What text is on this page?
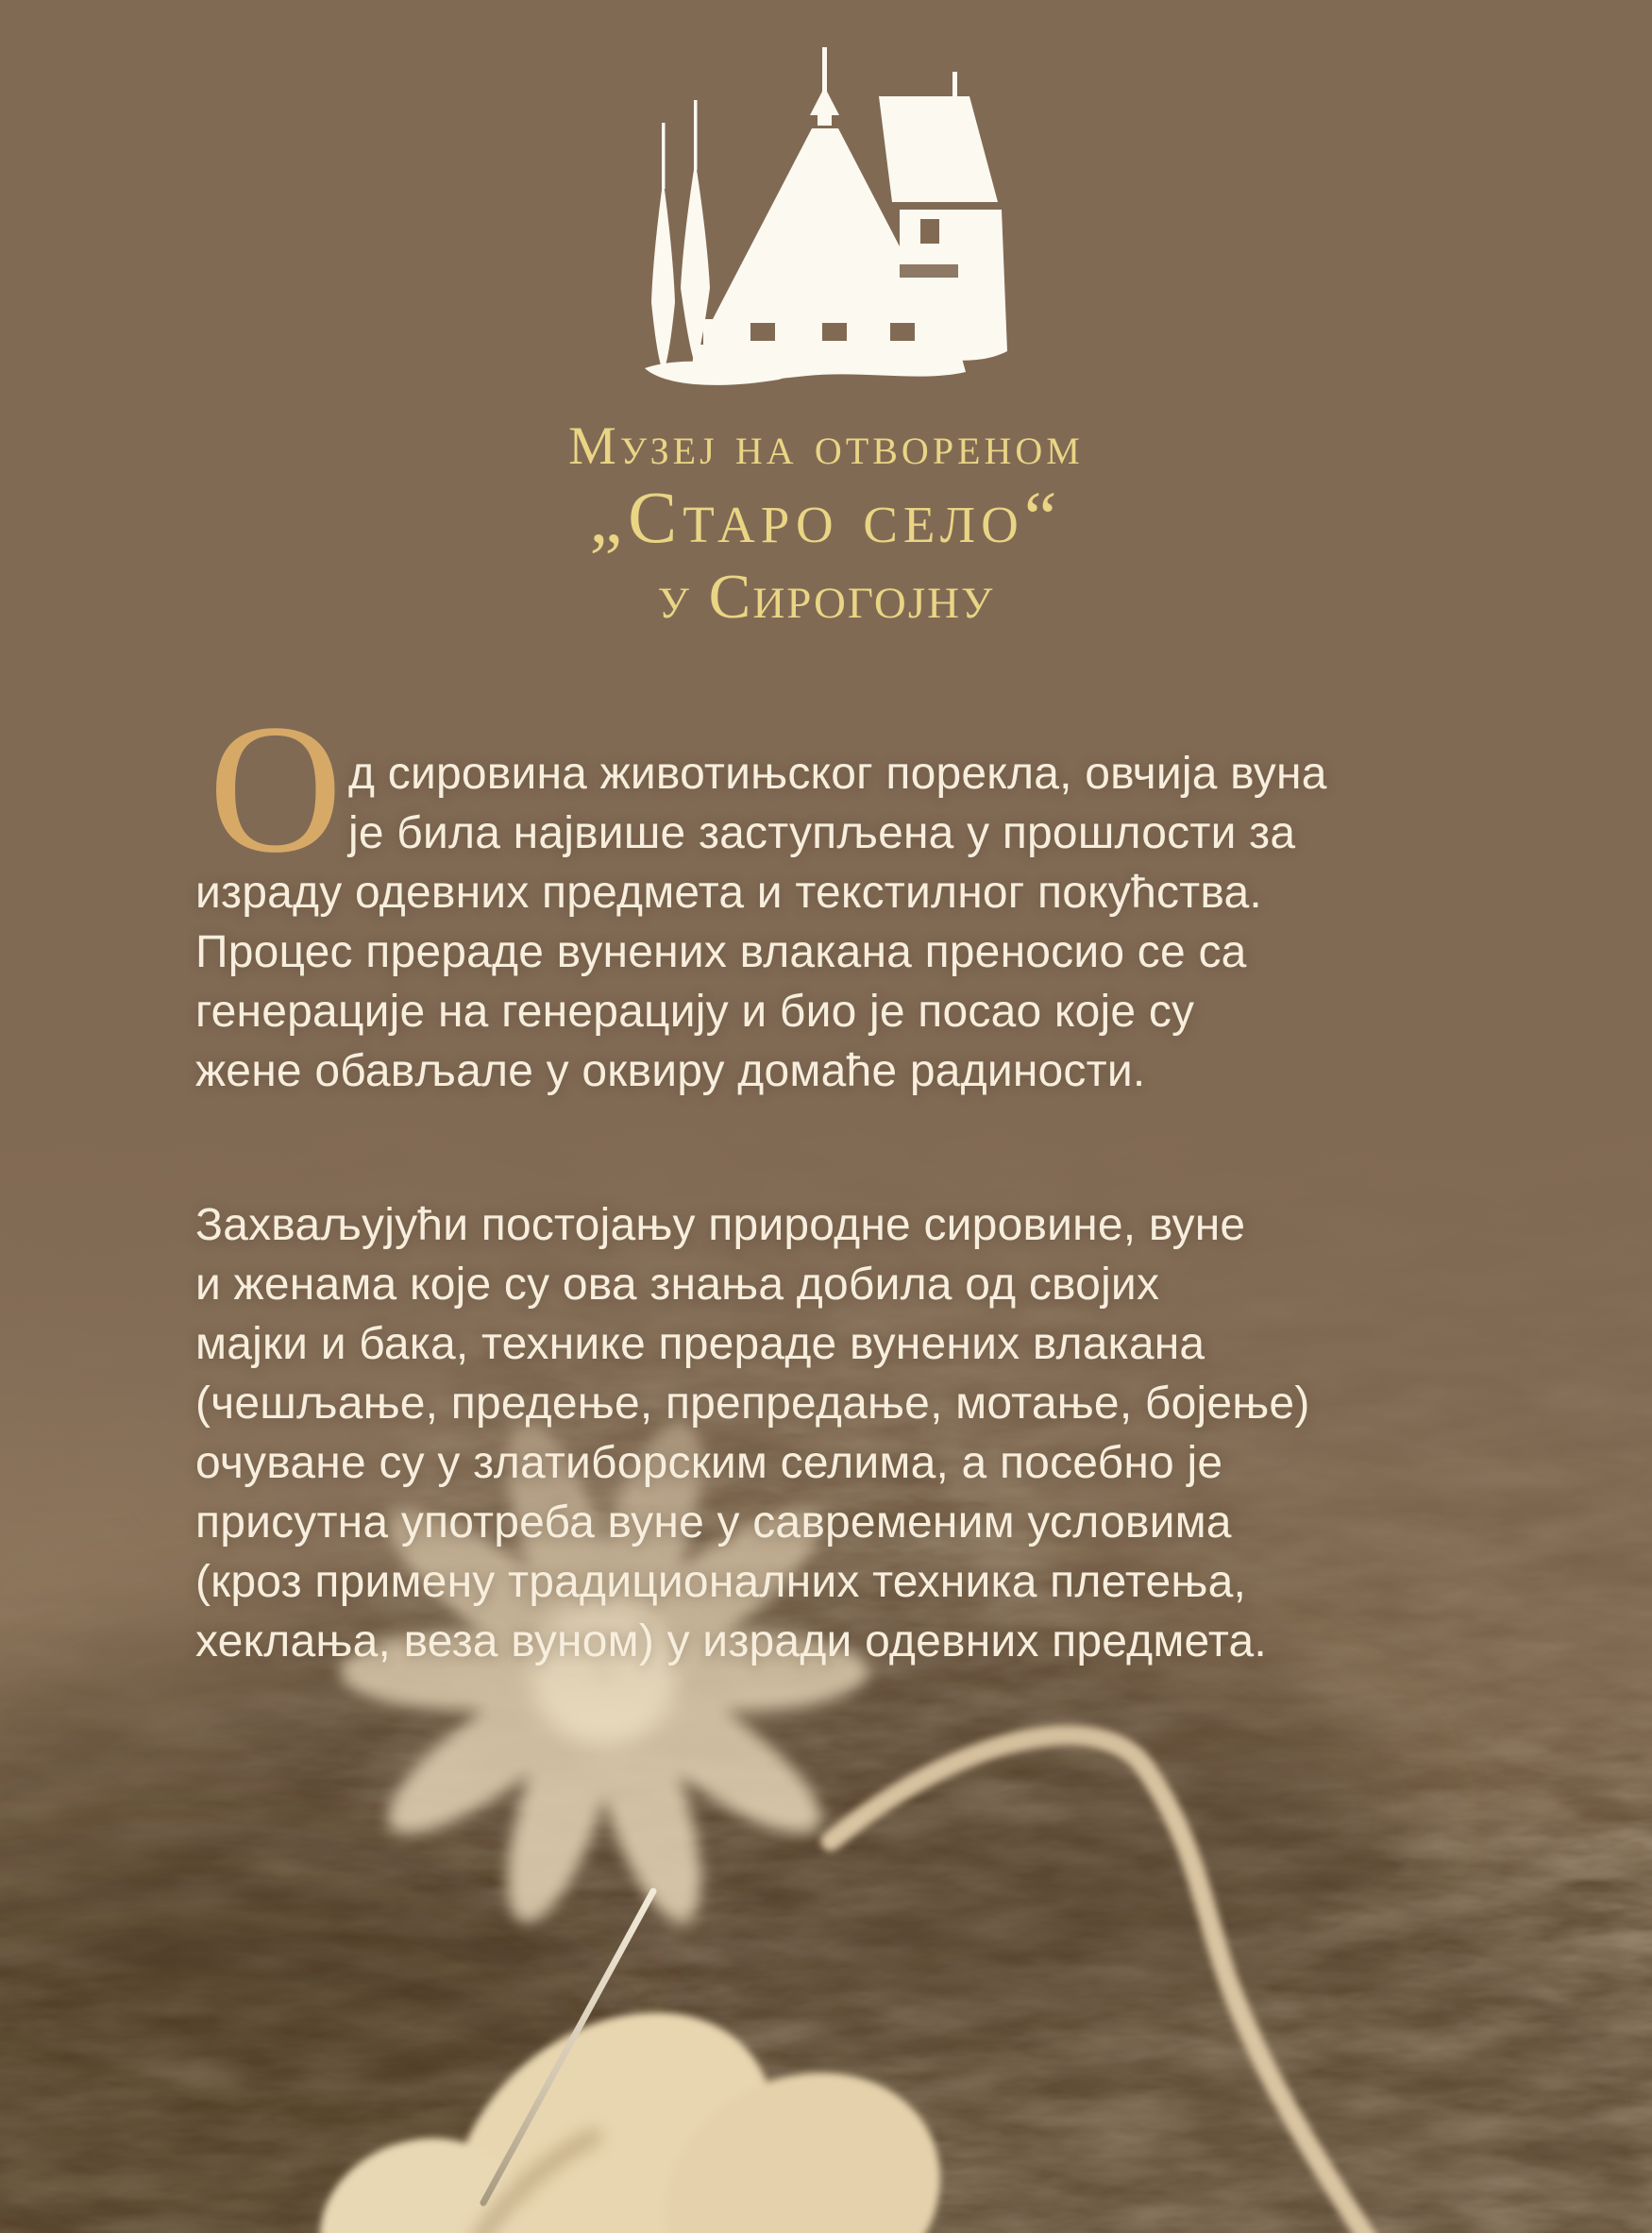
Музеј на отвореном
„Старо село“
у Сирогојну
О д сировина животињског порекла, овчија вуна
је била највише заступљена у прошлости за
израду одевних предмета и текстилног покућства.
Процес прераде вунених влакана преносио се са
генерације на генерацију и био је посао које су
жене обављале у оквиру домаће радиности.
Захваљујући постојању природне сировине, вуне
и женама које су ова знања добила од својих
мајки и бака, технике прераде вунених влакана
(чешљање, предење, препредање, мотање, бојење)
очуване су у златиборским селима, а посебно је
присутна употреба вуне у савременим условима
(кроз примену традиционалних техника плетења,
хеклања, веза вуном) у изради одевних предмета.
